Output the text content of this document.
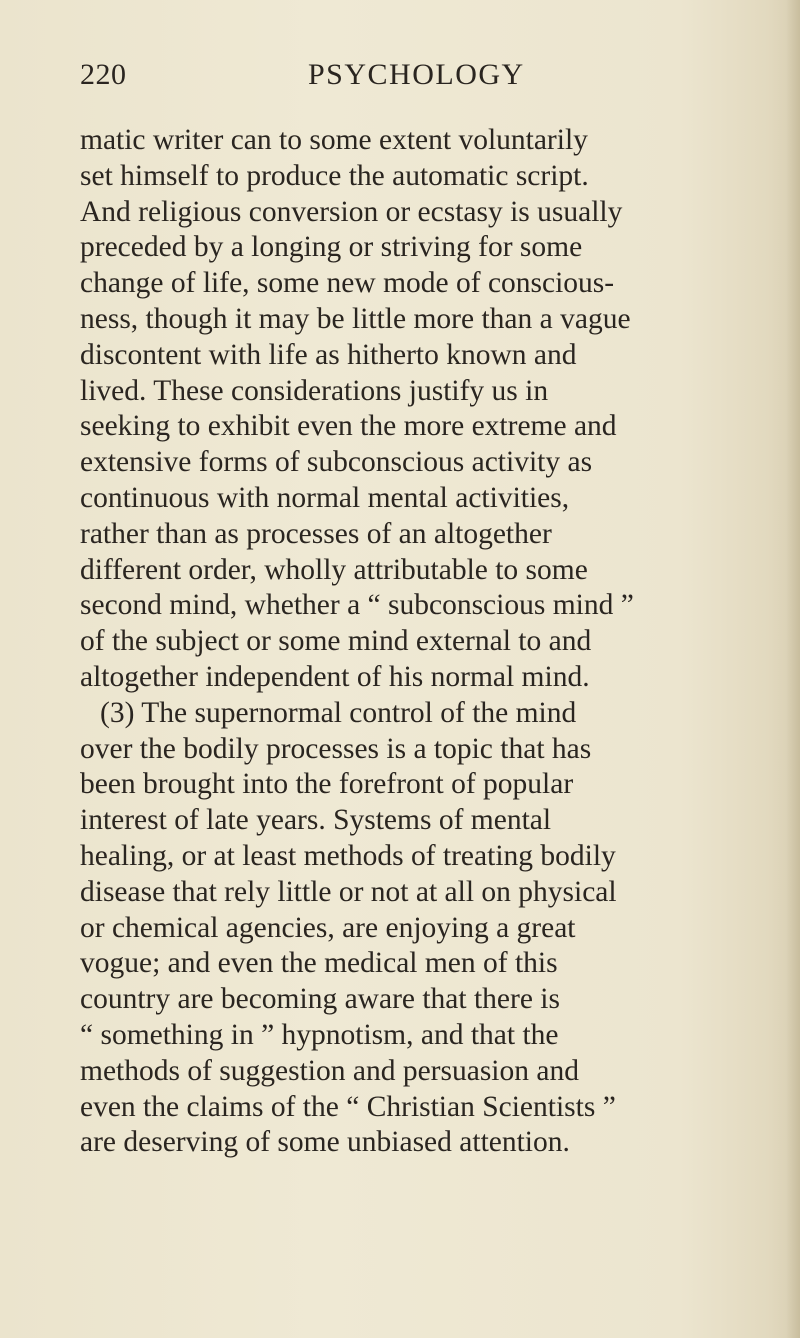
220	PSYCHOLOGY
matic writer can to some extent voluntarily
set himself to produce the automatic script.
And religious conversion or ecstasy is usually
preceded by a longing or striving for some
change of life, some new mode of conscious-
ness, though it may be little more than a vague
discontent with life as hitherto known and
lived. These considerations justify us in
seeking to exhibit even the more extreme and
extensive forms of subconscious activity as
continuous with normal mental activities,
rather than as processes of an altogether
different order, wholly attributable to some
second mind, whether a “ subconscious mind ”
of the subject or some mind external to and
altogether independent of his normal mind.
(3) The supernormal control of the mind
over the bodily processes is a topic that has
been brought into the forefront of popular
interest of late years. Systems of mental
healing, or at least methods of treating bodily
disease that rely little or not at all on physical
or chemical agencies, are enjoying a great
vogue; and even the medical men of this
country are becoming aware that there is
“ something in ” hypnotism, and that the
methods of suggestion and persuasion and
even the claims of the “ Christian Scientists ”
are deserving of some unbiased attention.
